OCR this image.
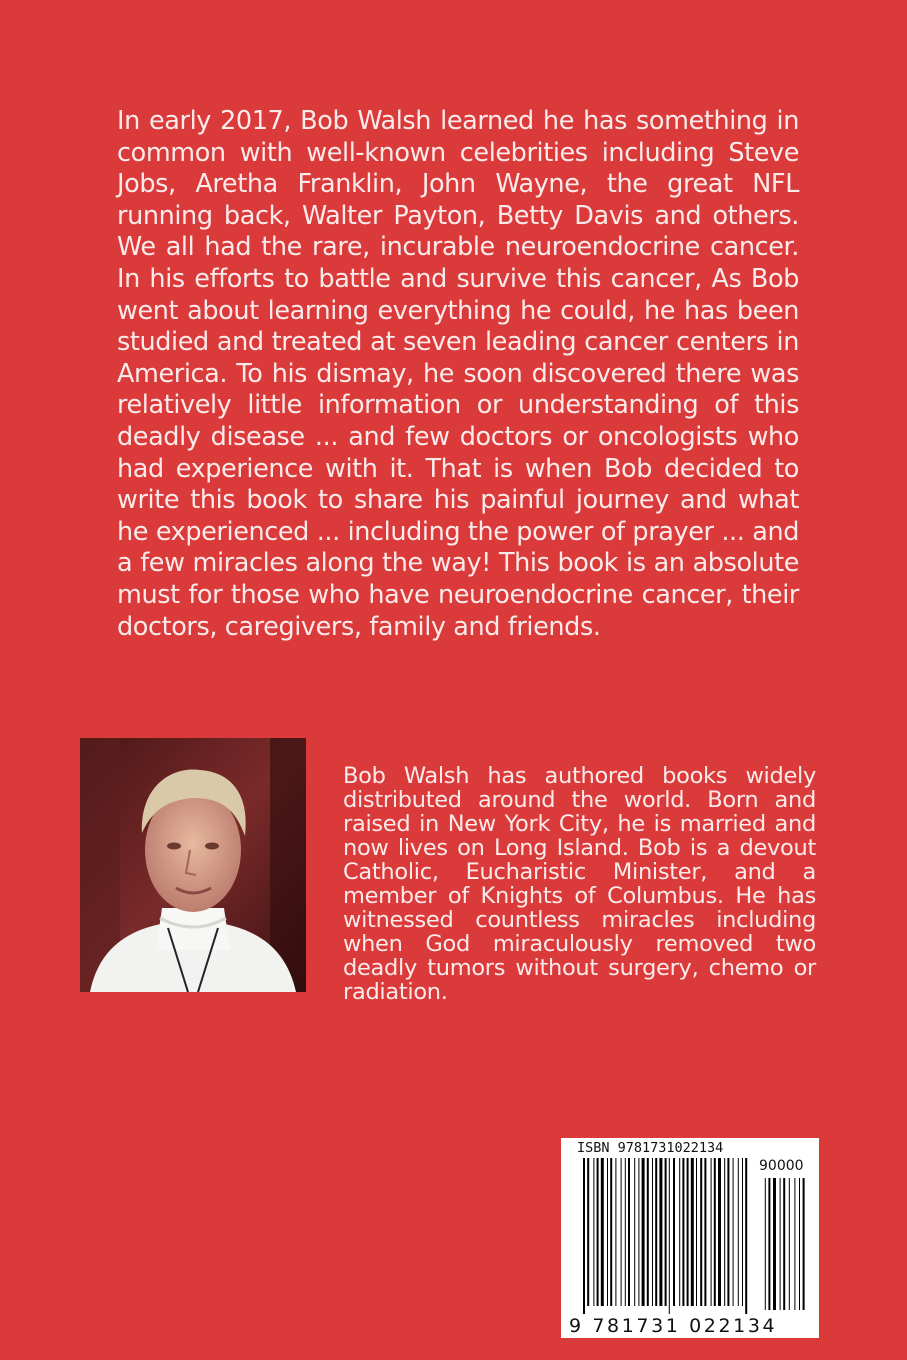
In early 2017, Bob Walsh learned he has something in common with well-known celebrities including Steve Jobs, Aretha Franklin, John Wayne, the great NFL running back, Walter Payton, Betty Davis and others. We all had the rare, incurable neuroendocrine cancer. In his efforts to battle and survive this cancer, As Bob went about learning everything he could, he has been studied and treated at seven leading cancer centers in America. To his dismay, he soon discovered there was relatively little information or understanding of this deadly disease ... and few doctors or oncologists who had experience with it. That is when Bob decided to write this book to share his painful journey and what he experienced ... including the power of prayer ... and a few miracles along the way! This book is an absolute must for those who have neuroendocrine cancer, their doctors, caregivers, family and friends.
Bob Walsh has authored books widely distributed around the world. Born and raised in New York City, he is married and now lives on Long Island. Bob is a devout Catholic, Eucharistic Minister, and a member of Knights of Columbus. He has witnessed countless miracles including when God miraculously removed two deadly tumors without surgery, chemo or radiation.
ISBN 9781731022134
90000
9 781731 022134
